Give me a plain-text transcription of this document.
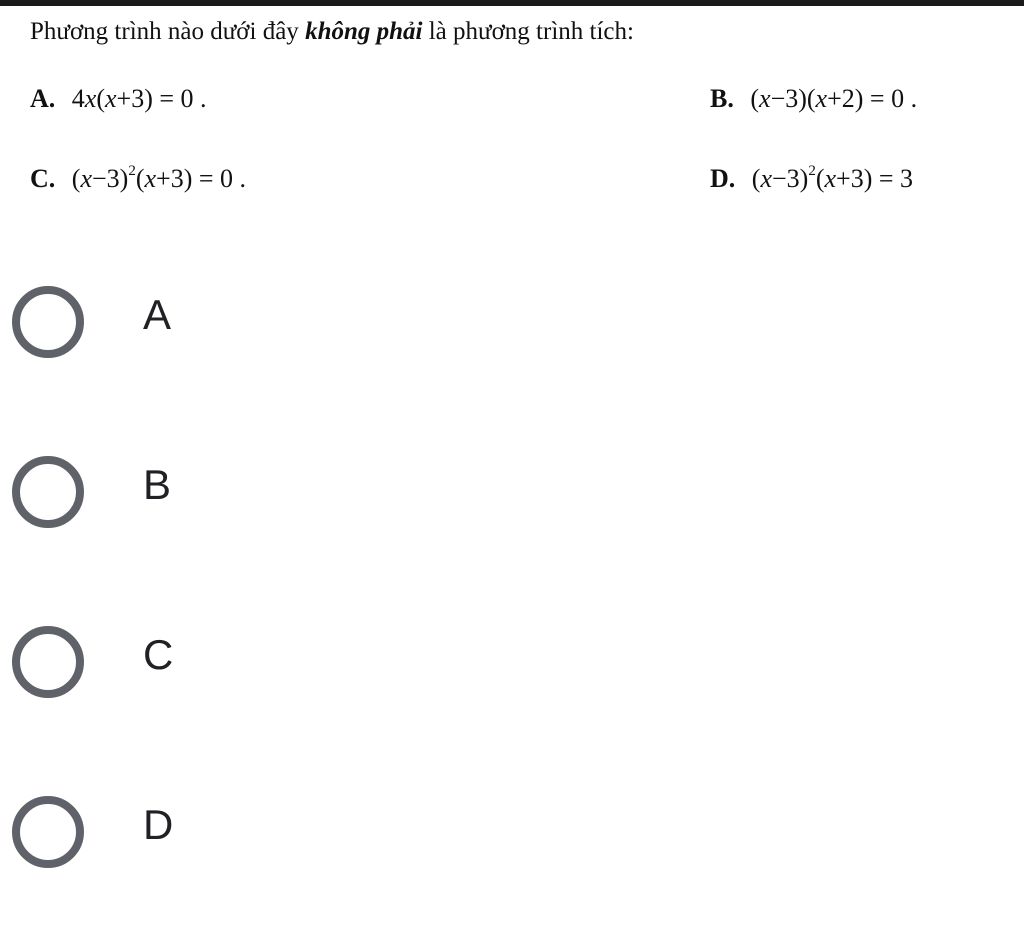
Phương trình nào dưới đây không phải là phương trình tích:
A. 4x(x+3) = 0 .	B. (x−3)(x+2) = 0 .
C. $(x-3)^2(x+3) = 0$ .	D. $(x-3)^2(x+3) = 3$
A
B
C
D
